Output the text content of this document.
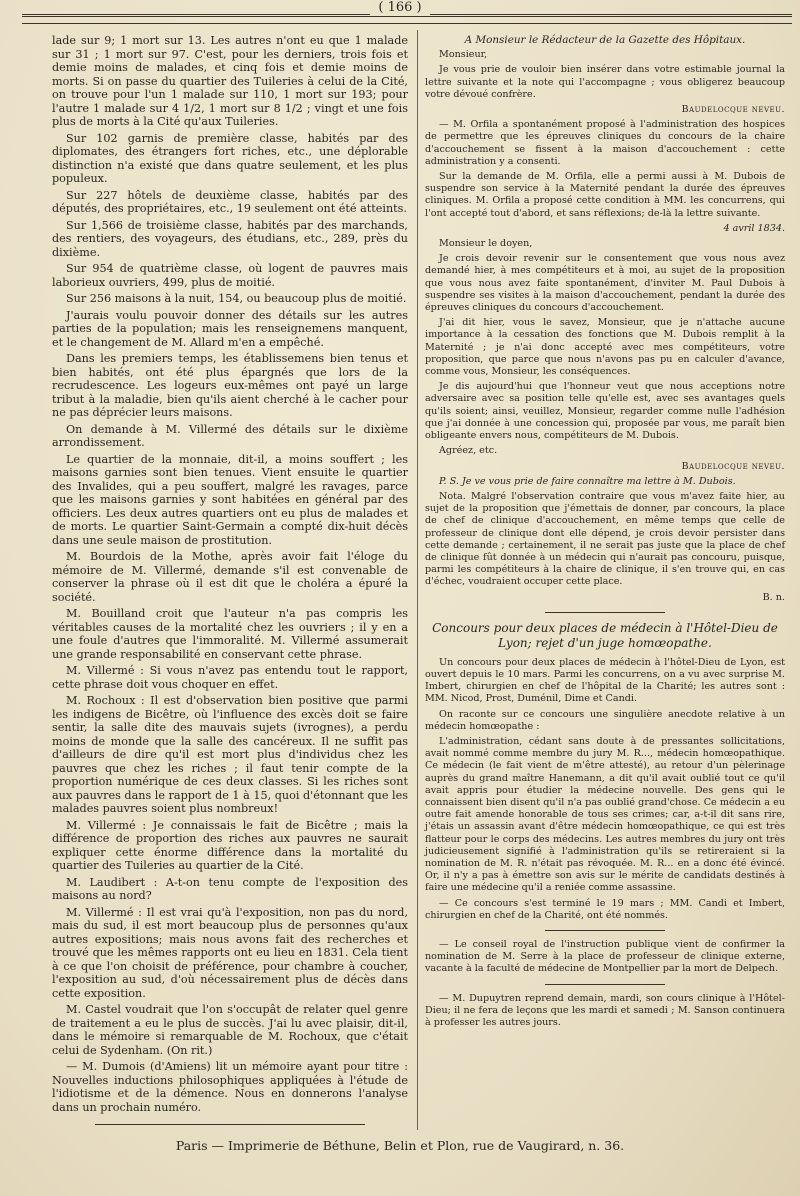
( 166 )

lade sur 9; 1 mort sur 13. Les autres n'ont eu que 1 malade sur 31 ; 1 mort sur 97. C'est, pour les derniers, trois fois et demie moins de malades, et cinq fois et demie moins de morts. Si on passe du quartier des Tuileries à celui de la Cité, on trouve pour l'un 1 malade sur 110, 1 mort sur 193; pour l'autre 1 malade sur 4 1/2, 1 mort sur 8 1/2 ; vingt et une fois plus de morts à la Cité qu'aux Tuileries.

Sur 102 garnis de première classe, habités par des diplomates, des étrangers fort riches, etc., une déplorable distinction n'a existé que dans quatre seulement, et les plus populeux.

Sur 227 hôtels de deuxième classe, habités par des députés, des propriétaires, etc., 19 seulement ont été atteints.

Sur 1,566 de troisième classe, habités par des marchands, des rentiers, des voyageurs, des étudians, etc., 289, près du dixième.

Sur 954 de quatrième classe, où logent de pauvres mais laborieux ouvriers, 499, plus de moitié.

Sur 256 maisons à la nuit, 154, ou beaucoup plus de moitié.

J'aurais voulu pouvoir donner des détails sur les autres parties de la population; mais les renseignemens manquent, et le changement de M. Allard m'en a empêché.

Dans les premiers temps, les établissemens bien tenus et bien habités, ont été plus épargnés que lors de la recrudescence. Les logeurs eux-mêmes ont payé un large tribut à la maladie, bien qu'ils aient cherché à le cacher pour ne pas déprécier leurs maisons.

On demande à M. Villermé des détails sur le dixième arrondissement.

Le quartier de la monnaie, dit-il, a moins souffert ; les maisons garnies sont bien tenues. Vient ensuite le quartier des Invalides, qui a peu souffert, malgré les ravages, parce que les maisons garnies y sont habitées en général par des officiers. Les deux autres quartiers ont eu plus de malades et de morts. Le quartier Saint-Germain a compté dix-huit décès dans une seule maison de prostitution.

M. Bourdois de la Mothe, après avoir fait l'éloge du mémoire de M. Villermé, demande s'il est convenable de conserver la phrase où il est dit que le choléra a épuré la société.

M. Bouilland croit que l'auteur n'a pas compris les véritables causes de la mortalité chez les ouvriers ; il y en a une foule d'autres que l'immoralité. M. Villermé assumerait une grande responsabilité en conservant cette phrase.

M. Villermé : Si vous n'avez pas entendu tout le rapport, cette phrase doit vous choquer en effet.

M. Rochoux : Il est d'observation bien positive que parmi les indigens de Bicêtre, où l'influence des excès doit se faire sentir, la salle dite des mauvais sujets (ivrognes), a perdu moins de monde que la salle des cancéreux. Il ne suffit pas d'ailleurs de dire qu'il est mort plus d'individus chez les pauvres que chez les riches ; il faut tenir compte de la proportion numérique de ces deux classes. Si les riches sont aux pauvres dans le rapport de 1 à 15, quoi d'étonnant que les malades pauvres soient plus nombreux!

M. Villermé : Je connaissais le fait de Bicêtre ; mais la différence de proportion des riches aux pauvres ne saurait expliquer cette énorme différence dans la mortalité du quartier des Tuileries au quartier de la Cité.

M. Laudibert : A-t-on tenu compte de l'exposition des maisons au nord?

M. Villermé : Il est vrai qu'à l'exposition, non pas du nord, mais du sud, il est mort beaucoup plus de personnes qu'aux autres expositions; mais nous avons fait des recherches et trouvé que les mêmes rapports ont eu lieu en 1831. Cela tient à ce que l'on choisit de préférence, pour chambre à coucher, l'exposition au sud, d'où nécessairement plus de décès dans cette exposition.

M. Castel voudrait que l'on s'occupât de relater quel genre de traitement a eu le plus de succès. J'ai lu avec plaisir, dit-il, dans le mémoire si remarquable de M. Rochoux, que c'était celui de Sydenham. (On rit.)

— M. Dumois (d'Amiens) lit un mémoire ayant pour titre : Nouvelles inductions philosophiques appliquées à l'étude de l'idiotisme et de la démence. Nous en donnerons l'analyse dans un prochain numéro.

A Monsieur le Rédacteur de la Gazette des Hôpitaux.

Monsieur,

Je vous prie de vouloir bien insérer dans votre estimable journal la lettre suivante et la note qui l'accompagne ; vous obligerez beaucoup votre dévoué confrère.

Baudelocque neveu.

— M. Orfila a spontanément proposé à l'administration des hospices de permettre que les épreuves cliniques du concours de la chaire d'accouchement se fissent à la maison d'accouchement : cette administration y a consenti.

Sur la demande de M. Orfila, elle a permi aussi à M. Dubois de suspendre son service à la Maternité pendant la durée des épreuves cliniques. M. Orfila a proposé cette condition à MM. les concurrens, qui l'ont accepté tout d'abord, et sans réflexions; de-là la lettre suivante.

4 avril 1834.

Monsieur le doyen,

Je crois devoir revenir sur le consentement que vous nous avez demandé hier, à mes compétiteurs et à moi, au sujet de la proposition que vous nous avez faite spontanément, d'inviter M. Paul Dubois à suspendre ses visites à la maison d'accouchement, pendant la durée des épreuves cliniques du concours d'accouchement.

J'ai dit hier, vous le savez, Monsieur, que je n'attache aucune importance à la cessation des fonctions que M. Dubois remplit à la Maternité ; je n'ai donc accepté avec mes compétiteurs, votre proposition, que parce que nous n'avons pas pu en calculer d'avance, comme vous, Monsieur, les conséquences.

Je dis aujourd'hui que l'honneur veut que nous acceptions notre adversaire avec sa position telle qu'elle est, avec ses avantages quels qu'ils soient; ainsi, veuillez, Monsieur, regarder comme nulle l'adhésion que j'ai donnée à une concession qui, proposée par vous, me paraît bien obligeante envers nous, compétiteurs de M. Dubois.

Agréez, etc.

Baudelocque neveu.

P. S. Je ve vous prie de faire connaître ma lettre à M. Dubois.

Nota. Malgré l'observation contraire que vous m'avez faite hier, au sujet de la proposition que j'émettais de donner, par concours, la place de chef de clinique d'accouchement, en même temps que celle de professeur de clinique dont elle dépend, je crois devoir persister dans cette demande ; certainement, il ne serait pas juste que la place de chef de clinique fût donnée à un médecin qui n'aurait pas concouru, puisque, parmi les compétiteurs à la chaire de clinique, il s'en trouve qui, en cas d'échec, voudraient occuper cette place.

B. n.

Concours pour deux places de médecin à l'Hôtel-Dieu de Lyon; rejet d'un juge homœopathe.

Un concours pour deux places de médecin à l'hôtel-Dieu de Lyon, est ouvert depuis le 10 mars. Parmi les concurrens, on a vu avec surprise M. Imbert, chirurgien en chef de l'hôpital de la Charité; les autres sont : MM. Nicod, Prost, Duménil, Dime et Candi.

On raconte sur ce concours une singulière anecdote relative à un médecin homœopathe :

L'administration, cédant sans doute à de pressantes sollicitations, avait nommé comme membre du jury M. R..., médecin homœopathique. Ce médecin (le fait vient de m'être attesté), au retour d'un pèlerinage auprès du grand maître Hanemann, a dit qu'il avait oublié tout ce qu'il avait appris pour étudier la médecine nouvelle. Des gens qui le connaissent bien disent qu'il n'a pas oublié grand'chose. Ce médecin a eu outre fait amende honorable de tous ses crimes; car, a-t-il dit sans rire, j'étais un assassin avant d'être médecin homœopathique, ce qui est très flatteur pour le corps des médecins. Les autres membres du jury ont très judicieusement signifié à l'administration qu'ils se retireraient si la nomination de M. R. n'était pas révoquée. M. R... en a donc été évincé. Or, il n'y a pas à émettre son avis sur le mérite de candidats destinés à faire une médecine qu'il a reniée comme assassine.

— Ce concours s'est terminé le 19 mars ; MM. Candi et Imbert, chirurgien en chef de la Charité, ont été nommés.

— Le conseil royal de l'instruction publique vient de confirmer la nomination de M. Serre à la place de professeur de clinique externe, vacante à la faculté de médecine de Montpellier par la mort de Delpech.

— M. Dupuytren reprend demain, mardi, son cours clinique à l'Hôtel-Dieu; il ne fera de leçons que les mardi et samedi ; M. Sanson continuera à professer les autres jours.

Paris — Imprimerie de Béthune, Belin et Plon, rue de Vaugirard, n. 36.
